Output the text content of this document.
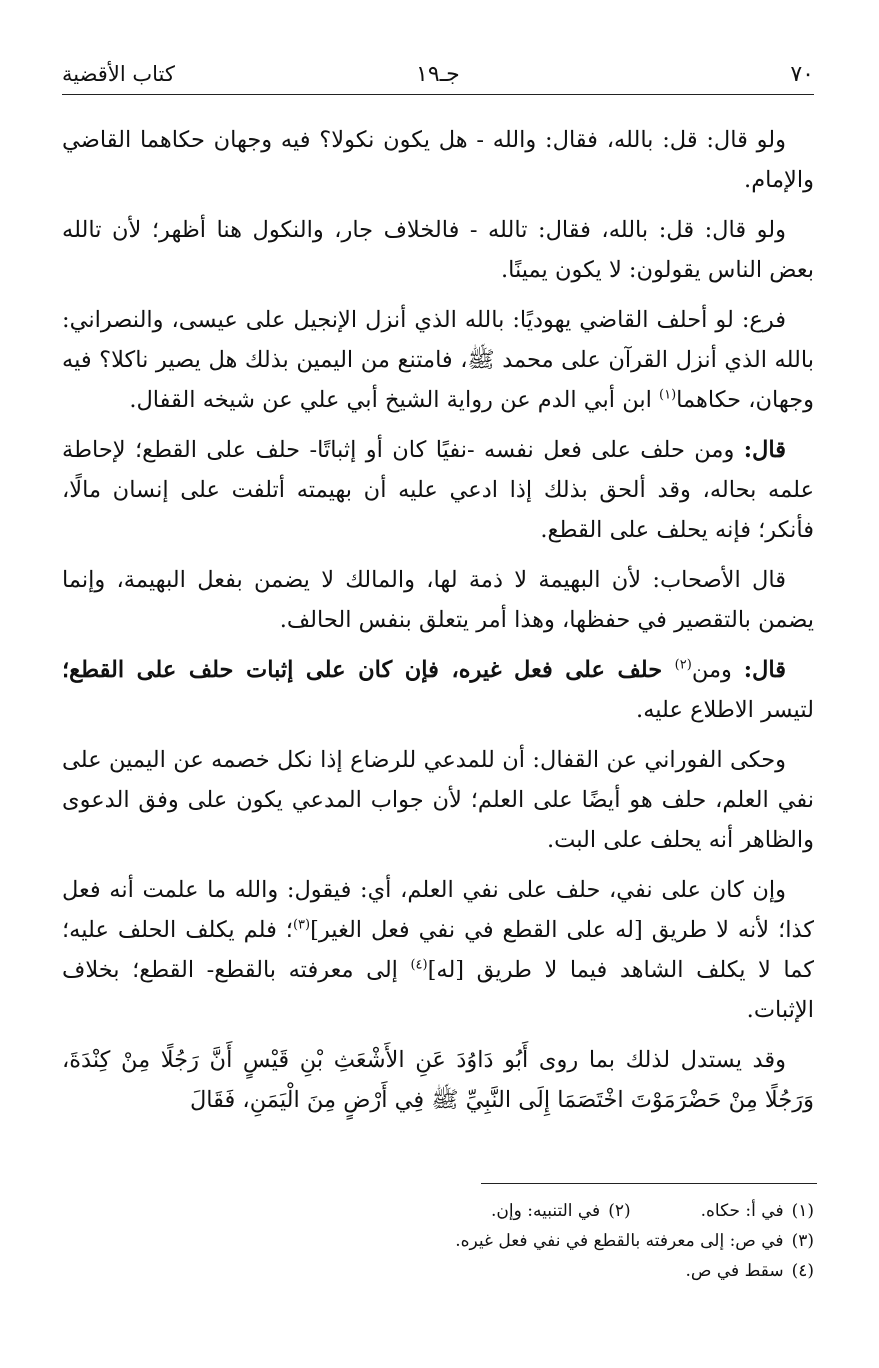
٧٠
جـ١٩
كتاب الأقضية

ولو قال: قل: بالله، فقال: والله - هل يكون نكولا؟ فيه وجهان حكاهما القاضي والإمام.

ولو قال: قل: بالله، فقال: تالله - فالخلاف جار، والنكول هنا أظهر؛ لأن تالله بعض الناس يقولون: لا يكون يمينًا.

فرع: لو أحلف القاضي يهوديًا: بالله الذي أنزل الإنجيل على عيسى، والنصراني: بالله الذي أنزل القرآن على محمد ﷺ، فامتنع من اليمين بذلك هل يصير ناكلا؟ فيه وجهان، حكاهما$^{(١)}$ ابن أبي الدم عن رواية الشيخ أبي علي عن شيخه القفال.

قال: ومن حلف على فعل نفسه -نفيًا كان أو إثباتًا- حلف على القطع؛ لإحاطة علمه بحاله، وقد ألحق بذلك إذا ادعي عليه أن بهيمته أتلفت على إنسان مالًا، فأنكر؛ فإنه يحلف على القطع.

قال الأصحاب: لأن البهيمة لا ذمة لها، والمالك لا يضمن بفعل البهيمة، وإنما يضمن بالتقصير في حفظها، وهذا أمر يتعلق بنفس الحالف.

قال: ومن$^{(٢)}$ حلف على فعل غيره، فإن كان على إثبات حلف على القطع؛ لتيسر الاطلاع عليه.

وحكى الفوراني عن القفال: أن للمدعي للرضاع إذا نكل خصمه عن اليمين على نفي العلم، حلف هو أيضًا على العلم؛ لأن جواب المدعي يكون على وفق الدعوى والظاهر أنه يحلف على البت.

وإن كان على نفي، حلف على نفي العلم، أي: فيقول: والله ما علمت أنه فعل كذا؛ لأنه لا طريق [له على القطع في نفي فعل الغير]$^{(٣)}$؛ فلم يكلف الحلف عليه؛ كما لا يكلف الشاهد فيما لا طريق [له]$^{(٤)}$ إلى معرفته بالقطع- القطع؛ بخلاف الإثبات.

وقد يستدل لذلك بما روى أَبُو دَاوُدَ عَنِ الأَشْعَثِ بْنِ قَيْسٍ أَنَّ رَجُلًا مِنْ كِنْدَةَ، وَرَجُلًا مِنْ حَضْرَمَوْتَ اخْتَصَمَا إِلَى النَّبِيِّ ﷺ فِي أَرْضٍ مِنَ الْيَمَنِ، فَقَالَ

(١)في أ: حكاه.
(٢)في التنبيه: وإن.
(٣)في ص: إلى معرفته بالقطع في نفي فعل غيره.
(٤)سقط في ص.
